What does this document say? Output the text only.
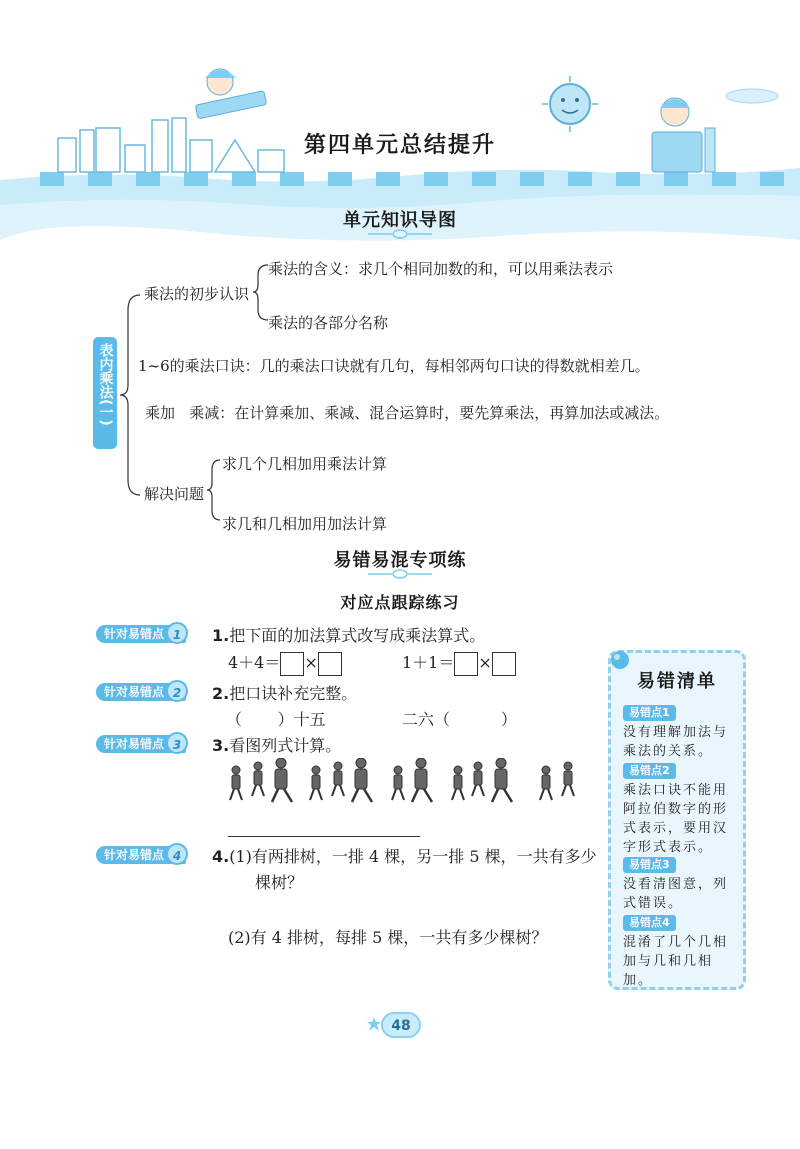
第四单元总结提升
单元知识导图
表内乘法(一)
乘法的初步认识
乘法的含义：求几个相同加数的和，可以用乘法表示
乘法的各部分名称
1~6的乘法口诀：几的乘法口诀就有几句，每相邻两句口诀的得数就相差几。
乘加   乘减：在计算乘加、乘减、混合运算时，要先算乘法，再算加法或减法。
解决问题
求几个几相加用乘法计算
求几和几相加用加法计算
易错易混专项练
对应点跟踪练习
针对易错点 1	1.把下面的加法算式改写成乘法算式。
4＋4＝ ×	1＋1＝ ×
针对易错点 2	2.把口诀补充完整。
（       ）十五	二六（          ）
针对易错点 3	3.看图列式计算。
针对易错点 4	4.(1)有两排树，一排 4 棵，另一排 5 棵，一共有多少
棵树？
(2)有 4 排树，每排 5 棵，一共有多少棵树？
易错清单
易错点1
没有理解加法与乘法的关系。
易错点2
乘法口诀不能用阿拉伯数字的形式表示，要用汉字形式表示。
易错点3
没看清图意，列式错误。
易错点4
混淆了几个几相加与几和几相加。
48
